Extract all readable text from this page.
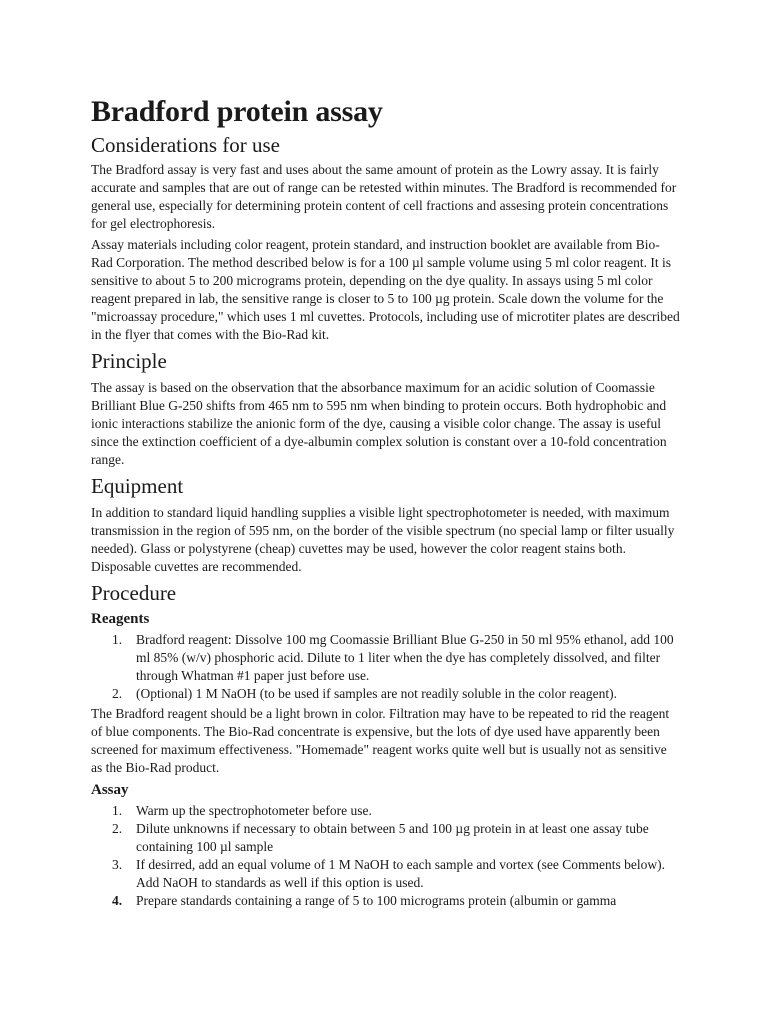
Bradford protein assay
Considerations for use

The Bradford assay is very fast and uses about the same amount of protein as the Lowry assay. It is fairly accurate and samples that are out of range can be retested within minutes. The Bradford is recommended for general use, especially for determining protein content of cell fractions and assesing protein concentrations for gel electrophoresis.

Assay materials including color reagent, protein standard, and instruction booklet are available from Bio-Rad Corporation. The method described below is for a 100 µl sample volume using 5 ml color reagent. It is sensitive to about 5 to 200 micrograms protein, depending on the dye quality. In assays using 5 ml color reagent prepared in lab, the sensitive range is closer to 5 to 100 µg protein. Scale down the volume for the "microassay procedure," which uses 1 ml cuvettes. Protocols, including use of microtiter plates are described in the flyer that comes with the Bio-Rad kit.

Principle

The assay is based on the observation that the absorbance maximum for an acidic solution of Coomassie Brilliant Blue G-250 shifts from 465 nm to 595 nm when binding to protein occurs. Both hydrophobic and ionic interactions stabilize the anionic form of the dye, causing a visible color change. The assay is useful since the extinction coefficient of a dye-albumin complex solution is constant over a 10-fold concentration range.

Equipment

In addition to standard liquid handling supplies a visible light spectrophotometer is needed, with maximum transmission in the region of 595 nm, on the border of the visible spectrum (no special lamp or filter usually needed). Glass or polystyrene (cheap) cuvettes may be used, however the color reagent stains both. Disposable cuvettes are recommended.

Procedure
Reagents
1. Bradford reagent: Dissolve 100 mg Coomassie Brilliant Blue G-250 in 50 ml 95% ethanol, add 100 ml 85% (w/v) phosphoric acid. Dilute to 1 liter when the dye has completely dissolved, and filter through Whatman #1 paper just before use.
2. (Optional) 1 M NaOH (to be used if samples are not readily soluble in the color reagent).

The Bradford reagent should be a light brown in color. Filtration may have to be repeated to rid the reagent of blue components. The Bio-Rad concentrate is expensive, but the lots of dye used have apparently been screened for maximum effectiveness. "Homemade" reagent works quite well but is usually not as sensitive as the Bio-Rad product.

Assay
1. Warm up the spectrophotometer before use.
2. Dilute unknowns if necessary to obtain between 5 and 100 µg protein in at least one assay tube containing 100 µl sample
3. If desirred, add an equal volume of 1 M NaOH to each sample and vortex (see Comments below). Add NaOH to standards as well if this option is used.
4. Prepare standards containing a range of 5 to 100 micrograms protein (albumin or gamma
